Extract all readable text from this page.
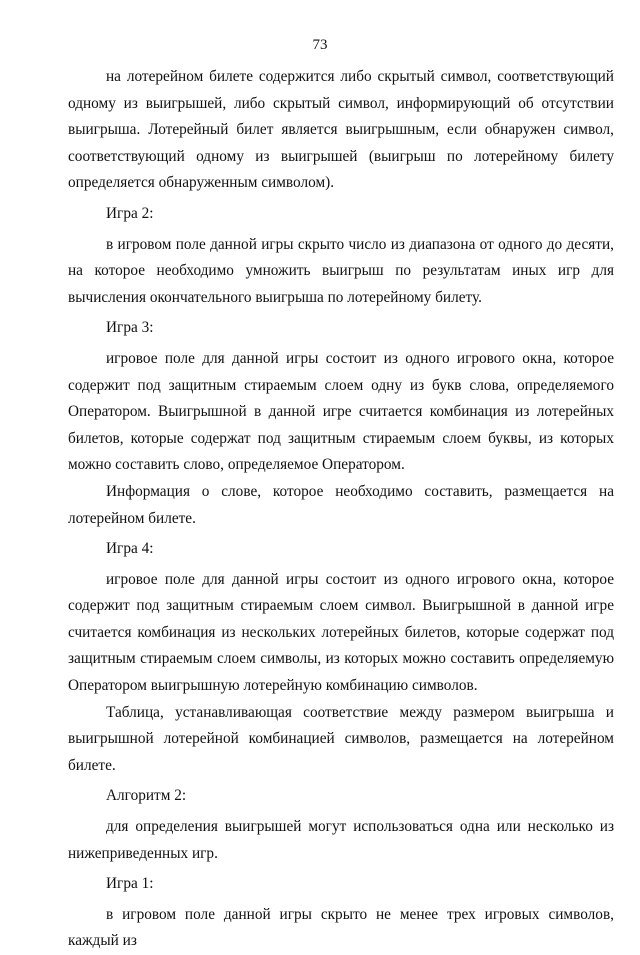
73

на лотерейном билете содержится либо скрытый символ, соответствующий одному из выигрышей, либо скрытый символ, информирующий об отсутствии выигрыша. Лотерейный билет является выигрышным, если обнаружен символ, соответствующий одному из выигрышей (выигрыш по лотерейному билету определяется обнаруженным символом).

Игра 2:

в игровом поле данной игры скрыто число из диапазона от одного до десяти, на которое необходимо умножить выигрыш по результатам иных игр для вычисления окончательного выигрыша по лотерейному билету.

Игра 3:

игровое поле для данной игры состоит из одного игрового окна, которое содержит под защитным стираемым слоем одну из букв слова, определяемого Оператором. Выигрышной в данной игре считается комбинация из лотерейных билетов, которые содержат под защитным стираемым слоем буквы, из которых можно составить слово, определяемое Оператором.

Информация о слове, которое необходимо составить, размещается на лотерейном билете.

Игра 4:

игровое поле для данной игры состоит из одного игрового окна, которое содержит под защитным стираемым слоем символ. Выигрышной в данной игре считается комбинация из нескольких лотерейных билетов, которые содержат под защитным стираемым слоем символы, из которых можно составить определяемую Оператором выигрышную лотерейную комбинацию символов.

Таблица, устанавливающая соответствие между размером выигрыша и выигрышной лотерейной комбинацией символов, размещается на лотерейном билете.

Алгоритм 2:

для определения выигрышей могут использоваться одна или несколько из нижеприведенных игр.

Игра 1:

в игровом поле данной игры скрыто не менее трех игровых символов, каждый из
